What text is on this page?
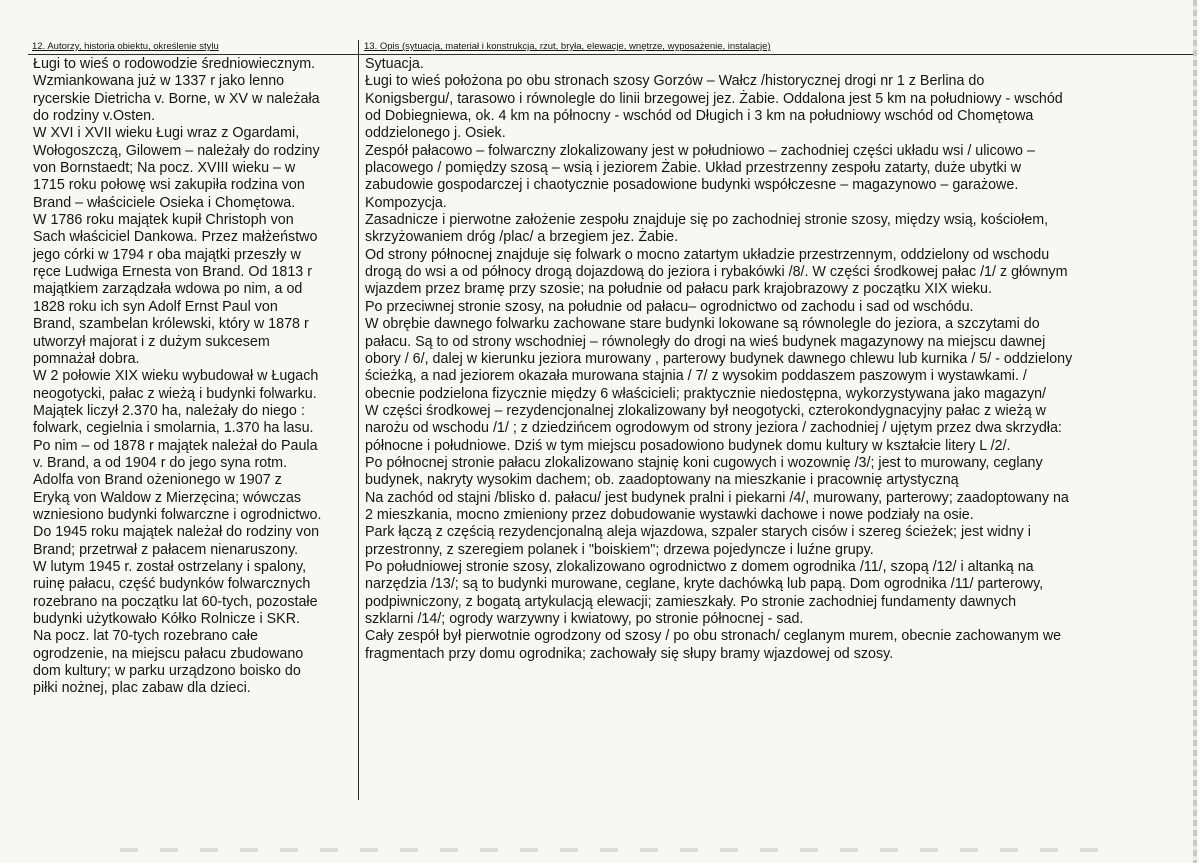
12. Autorzy, historia obiektu, określenie stylu	13. Opis (sytuacja, materiał i konstrukcja, rzut, bryła, elewacje, wnętrze, wyposażenie, instalacje)

Ługi to wieś o rodowodzie średniowiecznym.

Wzmiankowana już w 1337 r jako lenno

rycerskie Dietricha v. Borne, w XV w należała

do rodziny v.Osten.

W XVI i XVII wieku Ługi wraz z Ogardami,

Wołogoszczą, Gilowem – należały do rodziny

von Bornstaedt; Na pocz. XVIII wieku – w

1715 roku połowę wsi zakupiła rodzina von

Brand – właściciele Osieka i Chomętowa.

W 1786 roku majątek kupił Christoph von

Sach właściciel Dankowa. Przez małżeństwo

jego córki w 1794 r oba majątki przeszły w

ręce Ludwiga Ernesta von Brand. Od 1813 r

majątkiem zarządzała wdowa po nim, a od

1828 roku ich syn Adolf Ernst Paul von

Brand, szambelan królewski, który w 1878 r

utworzył majorat i z dużym sukcesem

pomnażał dobra.

W 2 połowie XIX wieku wybudował w Ługach

neogotycki, pałac z wieżą i budynki folwarku.

Majątek liczył 2.370 ha, należały do niego :

folwark, cegielnia i smolarnia, 1.370 ha lasu.

Po nim – od 1878 r majątek należał do Paula

v. Brand, a od 1904 r do jego syna rotm.

Adolfa von Brand ożenionego w 1907 z

Eryką von Waldow z Mierzęcina; wówczas

wzniesiono budynki folwarczne i ogrodnictwo.

Do 1945 roku majątek należał do rodziny von

Brand; przetrwał z pałacem nienaruszony.

W lutym 1945 r. został ostrzelany i spalony,

ruinę pałacu, część budynków folwarcznych

rozebrano na początku lat 60-tych, pozostałe

budynki użytkowało Kółko Rolnicze i SKR.

Na pocz. lat 70-tych rozebrano całe

ogrodzenie, na miejscu pałacu zbudowano

dom kultury; w parku urządzono boisko do

piłki nożnej, plac zabaw dla dzieci.

Sytuacja.

Ługi to wieś położona po obu stronach szosy Gorzów – Wałcz /historycznej drogi nr 1 z Berlina do

Konigsbergu/, tarasowo i równolegle do linii brzegowej jez. Żabie. Oddalona jest 5 km na południowy - wschód

od Dobiegniewa, ok. 4 km na północny - wschód od Długich i 3 km na południowy wschód od Chomętowa

oddzielonego j. Osiek.

Zespół pałacowo – folwarczny zlokalizowany jest w południowo – zachodniej części układu wsi / ulicowo –

placowego / pomiędzy szosą – wsią i jeziorem Żabie. Układ przestrzenny zespołu zatarty, duże ubytki w

zabudowie gospodarczej i chaotycznie posadowione budynki współczesne – magazynowo – garażowe.

Kompozycja.

Zasadnicze i pierwotne założenie zespołu znajduje się po zachodniej stronie szosy, między wsią, kościołem,

skrzyżowaniem dróg /plac/ a brzegiem jez. Żabie.

Od strony północnej znajduje się folwark o mocno zatartym układzie przestrzennym, oddzielony od wschodu

drogą do wsi a od północy drogą dojazdową do jeziora i rybakówki /8/. W części środkowej pałac /1/ z głównym

wjazdem przez bramę przy szosie; na południe od pałacu park krajobrazowy z początku XIX wieku.

Po przeciwnej stronie szosy, na południe od pałacu– ogrodnictwo od zachodu i sad od wschódu.

W obrębie dawnego folwarku zachowane stare budynki lokowane są równolegle do jeziora, a szczytami do

pałacu. Są to od strony wschodniej – równoległy do drogi na wieś budynek magazynowy na miejscu dawnej

obory / 6/, dalej w kierunku jeziora murowany , parterowy budynek dawnego chlewu lub kurnika / 5/ - oddzielony

ścieżką, a nad jeziorem okazała murowana stajnia / 7/ z wysokim poddaszem paszowym i wystawkami. /

obecnie podzielona fizycznie między 6 właścicieli; praktycznie niedostępna, wykorzystywana jako magazyn/

W części środkowej – rezydencjonalnej zlokalizowany był neogotycki, czterokondygnacyjny pałac z wieżą w

narożu od wschodu /1/ ; z dziedzińcem ogrodowym od strony jeziora / zachodniej / ujętym przez dwa skrzydła:

północne i południowe. Dziś w tym miejscu posadowiono budynek domu kultury w kształcie litery L /2/.

Po północnej stronie pałacu zlokalizowano stajnię koni cugowych i wozownię /3/; jest to murowany, ceglany

budynek, nakryty wysokim dachem; ob. zaadoptowany na mieszkanie i pracownię artystyczną

Na zachód od stajni /blisko d. pałacu/ jest budynek pralni i piekarni /4/, murowany, parterowy; zaadoptowany na

2 mieszkania, mocno zmieniony przez dobudowanie wystawki dachowe i nowe podziały na osie.

Park łączą z częścią rezydencjonalną aleja wjazdowa, szpaler starych cisów i szereg ścieżek; jest widny i

przestronny, z szeregiem polanek i "boiskiem"; drzewa pojedyncze i luźne grupy.

Po południowej stronie szosy, zlokalizowano ogrodnictwo z domem ogrodnika /11/, szopą /12/ i altanką na

narzędzia /13/; są to budynki murowane, ceglane, kryte dachówką lub papą. Dom ogrodnika /11/ parterowy,

podpiwniczony, z bogatą artykulacją elewacji; zamieszkały. Po stronie zachodniej fundamenty dawnych

szklarni /14/; ogrody warzywny i kwiatowy, po stronie północnej - sad.

Cały zespół był pierwotnie ogrodzony od szosy / po obu stronach/ ceglanym murem, obecnie zachowanym we

fragmentach przy domu ogrodnika; zachowały się słupy bramy wjazdowej od szosy.
